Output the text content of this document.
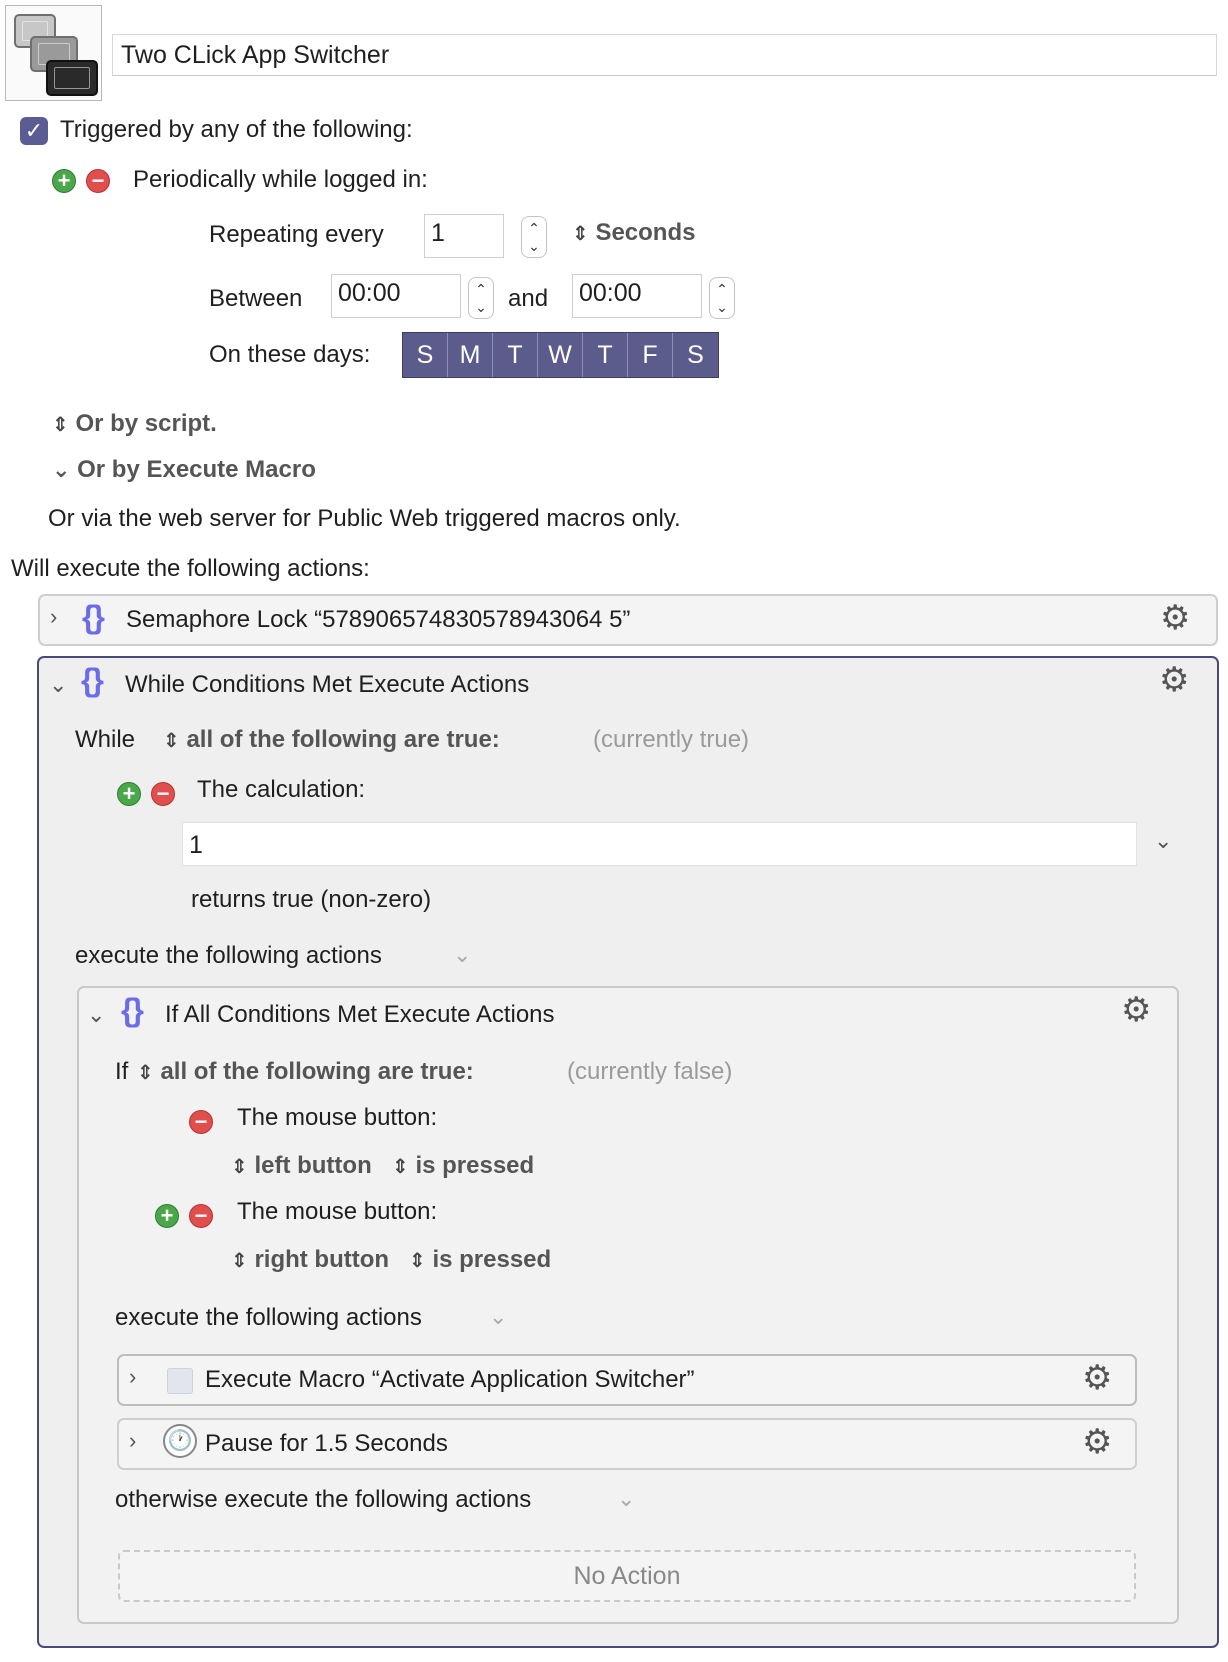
Two CLick App Switcher
✓ Triggered by any of the following:
+ − Periodically while logged in:
Repeating every 1	⌃
⌄
⇕ Seconds
Between 00:00	⌃
⌄ and 00:00	⌃
⌄
On these days:	S	M	T	W	T	F	S
⇕ Or by script.
⌄ Or by Execute Macro
Or via the web server for Public Web triggered macros only.
Will execute the following actions:
› {} Semaphore Lock “578906574830578943064 5”	⚙
⌄ {} While Conditions Met Execute Actions	⚙
While ⇕ all of the following are true:	(currently true)
+ − The calculation:
⌄
returns true (non-zero)
execute the following actions	⌄
1
⌄ {} If All Conditions Met Execute Actions	⚙
If ⇕ all of the following are true:	(currently false)
− The mouse button:
⇕ left button ⇕ is pressed
+ − The mouse button:
⇕ right button ⇕ is pressed
execute the following actions	⌄
otherwise execute the following actions	⌄
›	Execute Macro “Activate Application Switcher”	⚙
› 🕐 Pause for 1.5 Seconds	⚙
No Action
